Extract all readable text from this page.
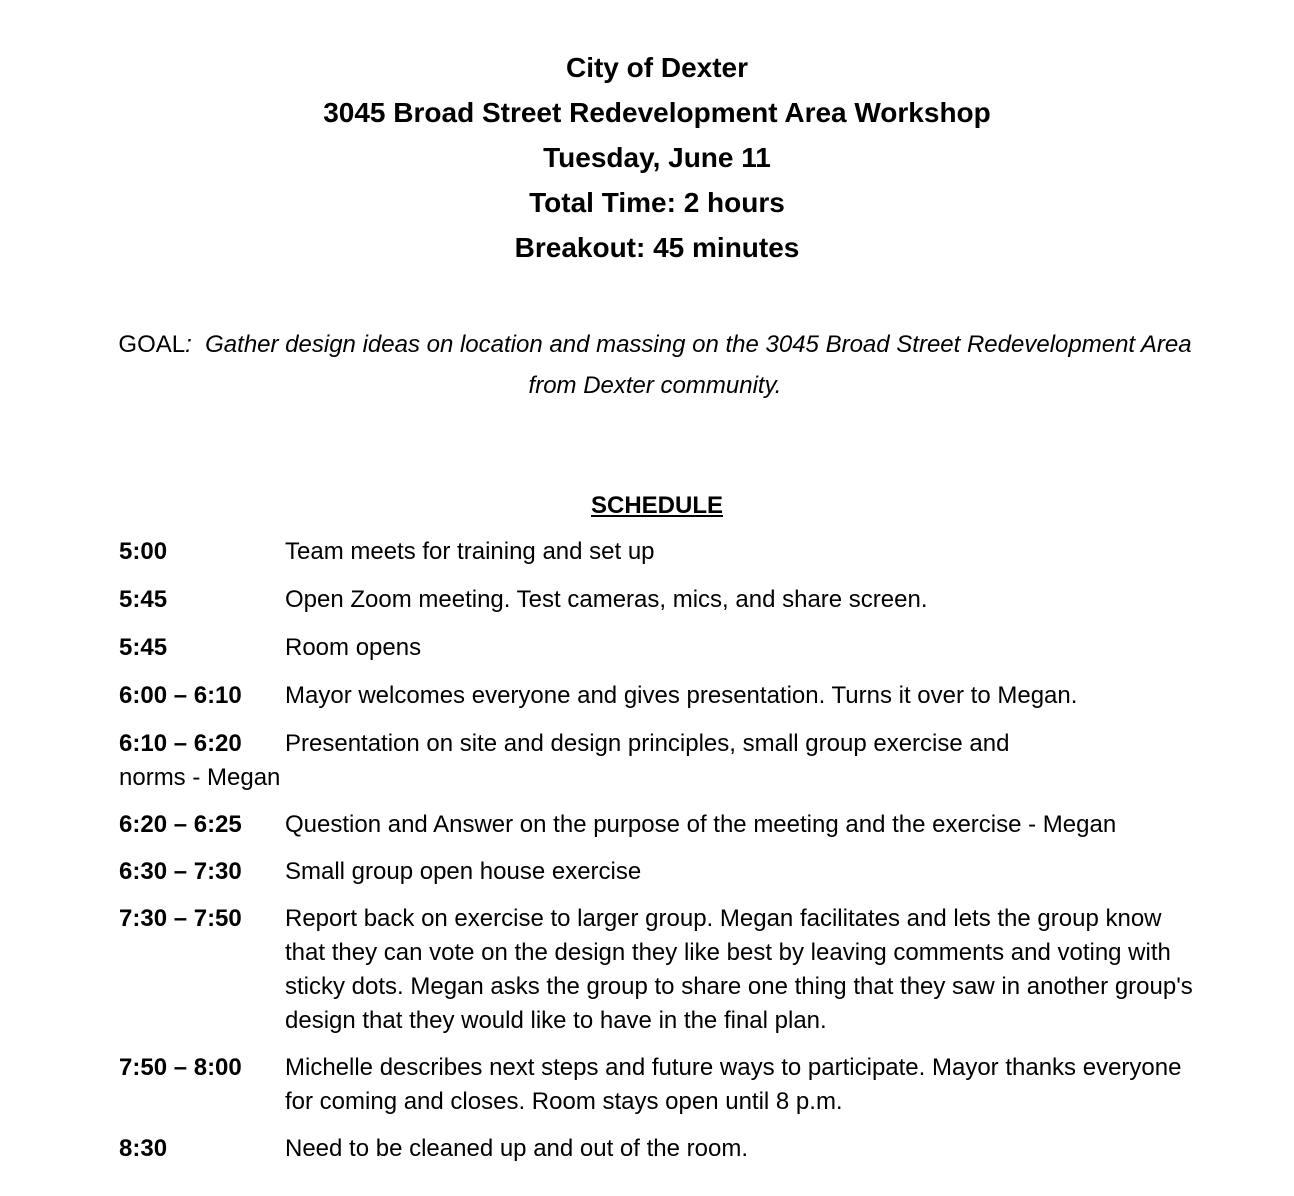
City of Dexter
3045 Broad Street Redevelopment Area Workshop
Tuesday, June 11
Total Time: 2 hours
Breakout: 45 minutes
GOAL: Gather design ideas on location and massing on the 3045 Broad Street Redevelopment Area from Dexter community.
SCHEDULE
5:00	Team meets for training and set up
5:45	Open Zoom meeting. Test cameras, mics, and share screen.
5:45	Room opens
6:00 – 6:10 Mayor welcomes everyone and gives presentation. Turns it over to Megan.
6:10 – 6:20	Presentation on site and design principles, small group exercise and norms - Megan
6:20 – 6:25 Question and Answer on the purpose of the meeting and the exercise - Megan
6:30 – 7:30 Small group open house exercise
7:30 – 7:50 Report back on exercise to larger group. Megan facilitates and lets the group know that they can vote on the design they like best by leaving comments and voting with sticky dots. Megan asks the group to share one thing that they saw in another group's design that they would like to have in the final plan.
7:50 – 8:00 Michelle describes next steps and future ways to participate. Mayor thanks everyone for coming and closes. Room stays open until 8 p.m.
8:30	Need to be cleaned up and out of the room.
